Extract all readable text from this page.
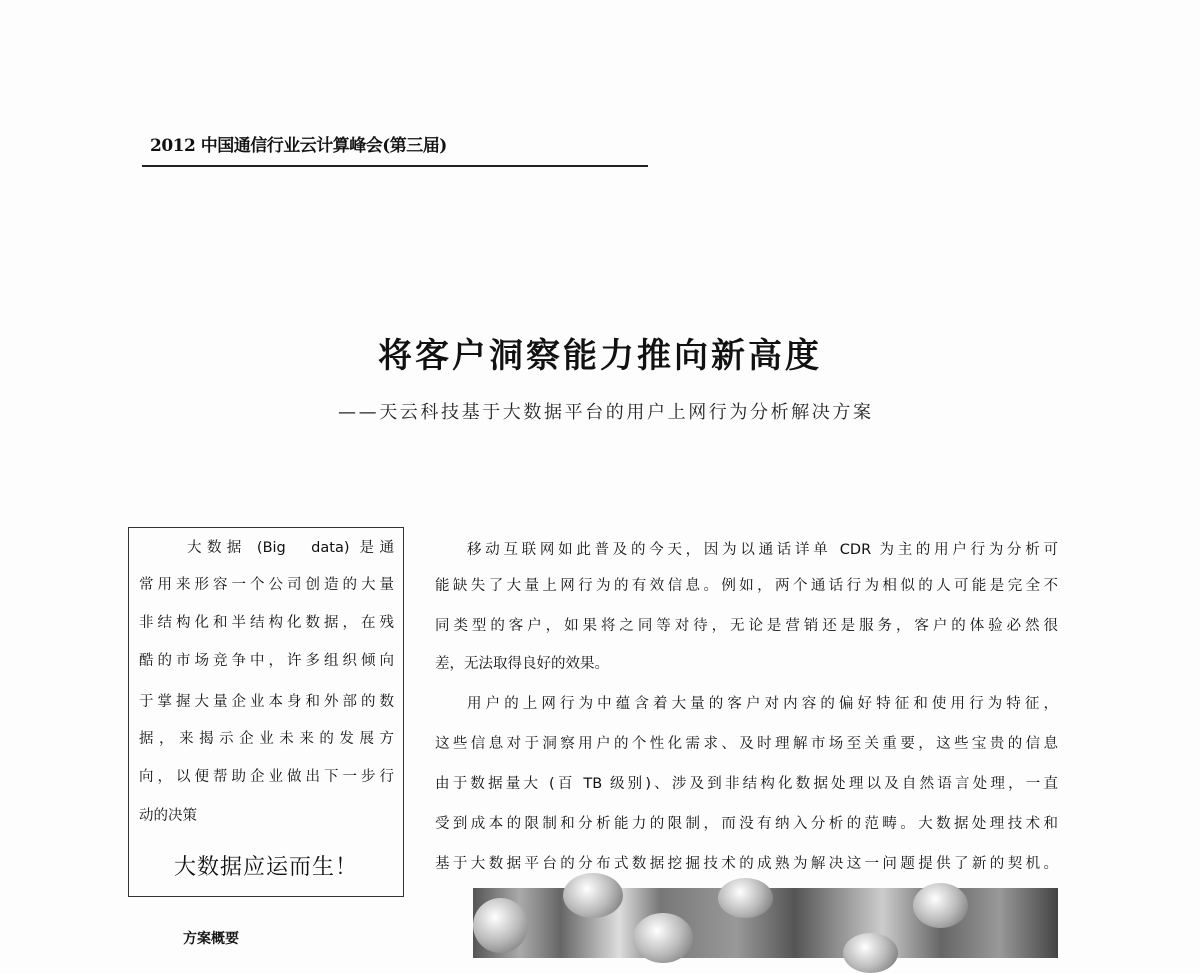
2012 中国通信行业云计算峰会(第三届)
将客户洞察能力推向新高度
——天云科技基于大数据平台的用户上网行为分析解决方案
大数据 (Big　data) 是通
常用来形容一个公司创造的大量
非结构化和半结构化数据，在残
酷的市场竞争中，许多组织倾向
于掌握大量企业本身和外部的数
据，来揭示企业未来的发展方
向，以便帮助企业做出下一步行
动的决策
大数据应运而生！
移动互联网如此普及的今天，因为以通话详单 CDR 为主的用户行为分析可
能缺失了大量上网行为的有效信息。例如，两个通话行为相似的人可能是完全不
同类型的客户，如果将之同等对待，无论是营销还是服务，客户的体验必然很
差，无法取得良好的效果。
用户的上网行为中蕴含着大量的客户对内容的偏好特征和使用行为特征，
这些信息对于洞察用户的个性化需求、及时理解市场至关重要，这些宝贵的信息
由于数据量大 (百 TB 级别)、涉及到非结构化数据处理以及自然语言处理，一直
受到成本的限制和分析能力的限制，而没有纳入分析的范畴。大数据处理技术和
基于大数据平台的分布式数据挖掘技术的成熟为解决这一问题提供了新的契机。
方案概要
